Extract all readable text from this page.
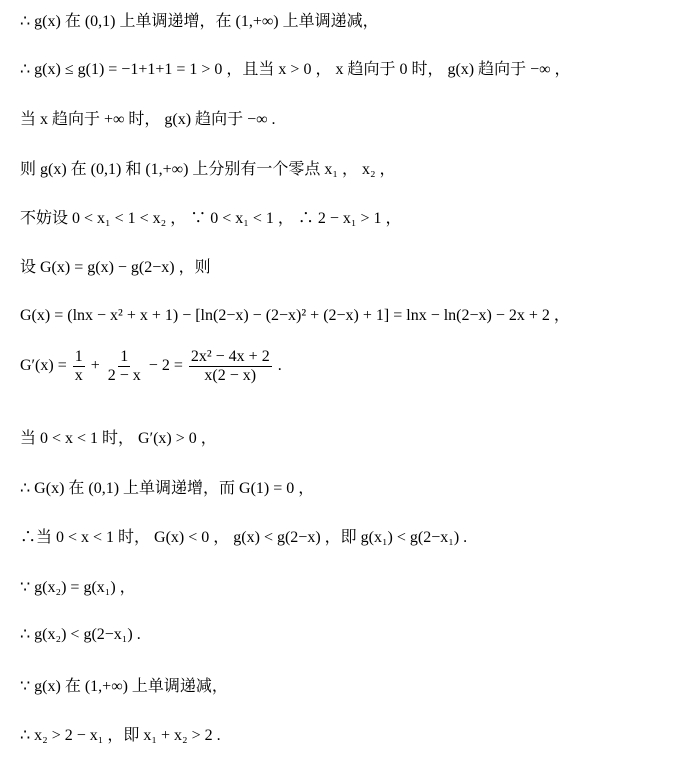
∴ g(x) 在 (0,1) 上单调递增，在 (1,+∞) 上单调递减，
∴ g(x) ≤ g(1) = −1+1+1 = 1 > 0 ，且当 x > 0 ， x 趋向于 0 时， g(x) 趋向于 −∞ ，
当 x 趋向于 +∞ 时， g(x) 趋向于 −∞ .
则 g(x) 在 (0,1) 和 (1,+∞) 上分别有一个零点 x₁ ， x₂ ，
不妨设 0 < x₁ < 1 < x₂ ， ∵ 0 < x₁ < 1 ， ∴ 2 − x₁ > 1 ，
设 G(x) = g(x) − g(2−x) ，则
G(x) = (lnx − x² + x + 1) − [ln(2−x) − (2−x)² + (2−x) + 1] = lnx − ln(2−x) − 2x + 2 ，
$G'(x) = \frac{1}{x} + \frac{1}{2 - x} - 2 = \frac{\text{2x² − 4x + 2}}{x(2 - x)}$ .
当 0 < x < 1 时， G′(x) > 0 ，
∴ G(x) 在 (0,1) 上单调递增，而 G(1) = 0 ，
∴当 0 < x < 1 时， G(x) < 0 ， g(x) < g(2−x) ，即 g(x₁) < g(2−x₁) .
∵ g(x₂) = g(x₁) ，
∴ g(x₂) < g(2−x₁) .
∵ g(x) 在 (1,+∞) 上单调递减，
∴ x₂ > 2 − x₁ ，即 x₁ + x₂ > 2 .
